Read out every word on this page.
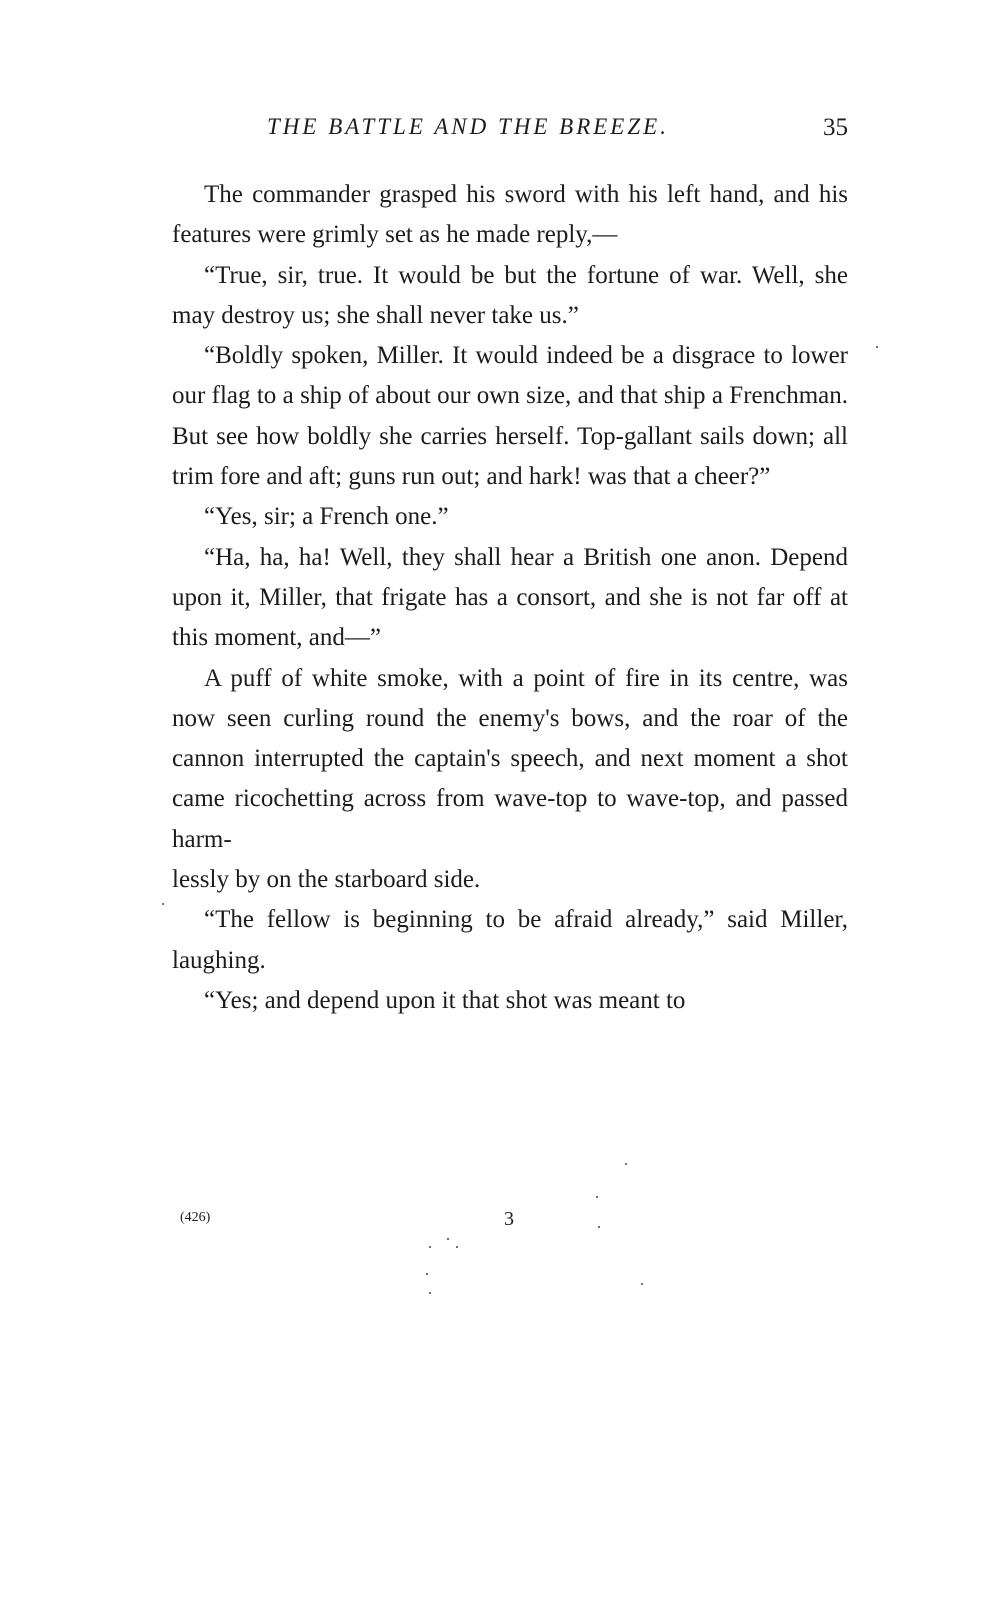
THE BATTLE AND THE BREEZE.	35

The commander grasped his sword with his left hand, and his features were grimly set as he made reply,—

“True, sir, true. It would be but the fortune of war. Well, she may destroy us; she shall never take us.”

“Boldly spoken, Miller. It would indeed be a disgrace to lower our flag to a ship of about our own size, and that ship a Frenchman. But see how boldly she carries herself. Top-gallant sails down; all trim fore and aft; guns run out; and hark! was that a cheer?”

“Yes, sir; a French one.”

“Ha, ha, ha! Well, they shall hear a British one anon. Depend upon it, Miller, that frigate has a consort, and she is not far off at this moment, and—”

A puff of white smoke, with a point of fire in its centre, was now seen curling round the enemy's bows, and the roar of the cannon interrupted the captain's speech, and next moment a shot came ricochetting across from wave-top to wave-top, and passed harm-
lessly by on the starboard side.

“The fellow is beginning to be afraid already,” said Miller, laughing.

“Yes; and depend upon it that shot was meant to

(426)	3
